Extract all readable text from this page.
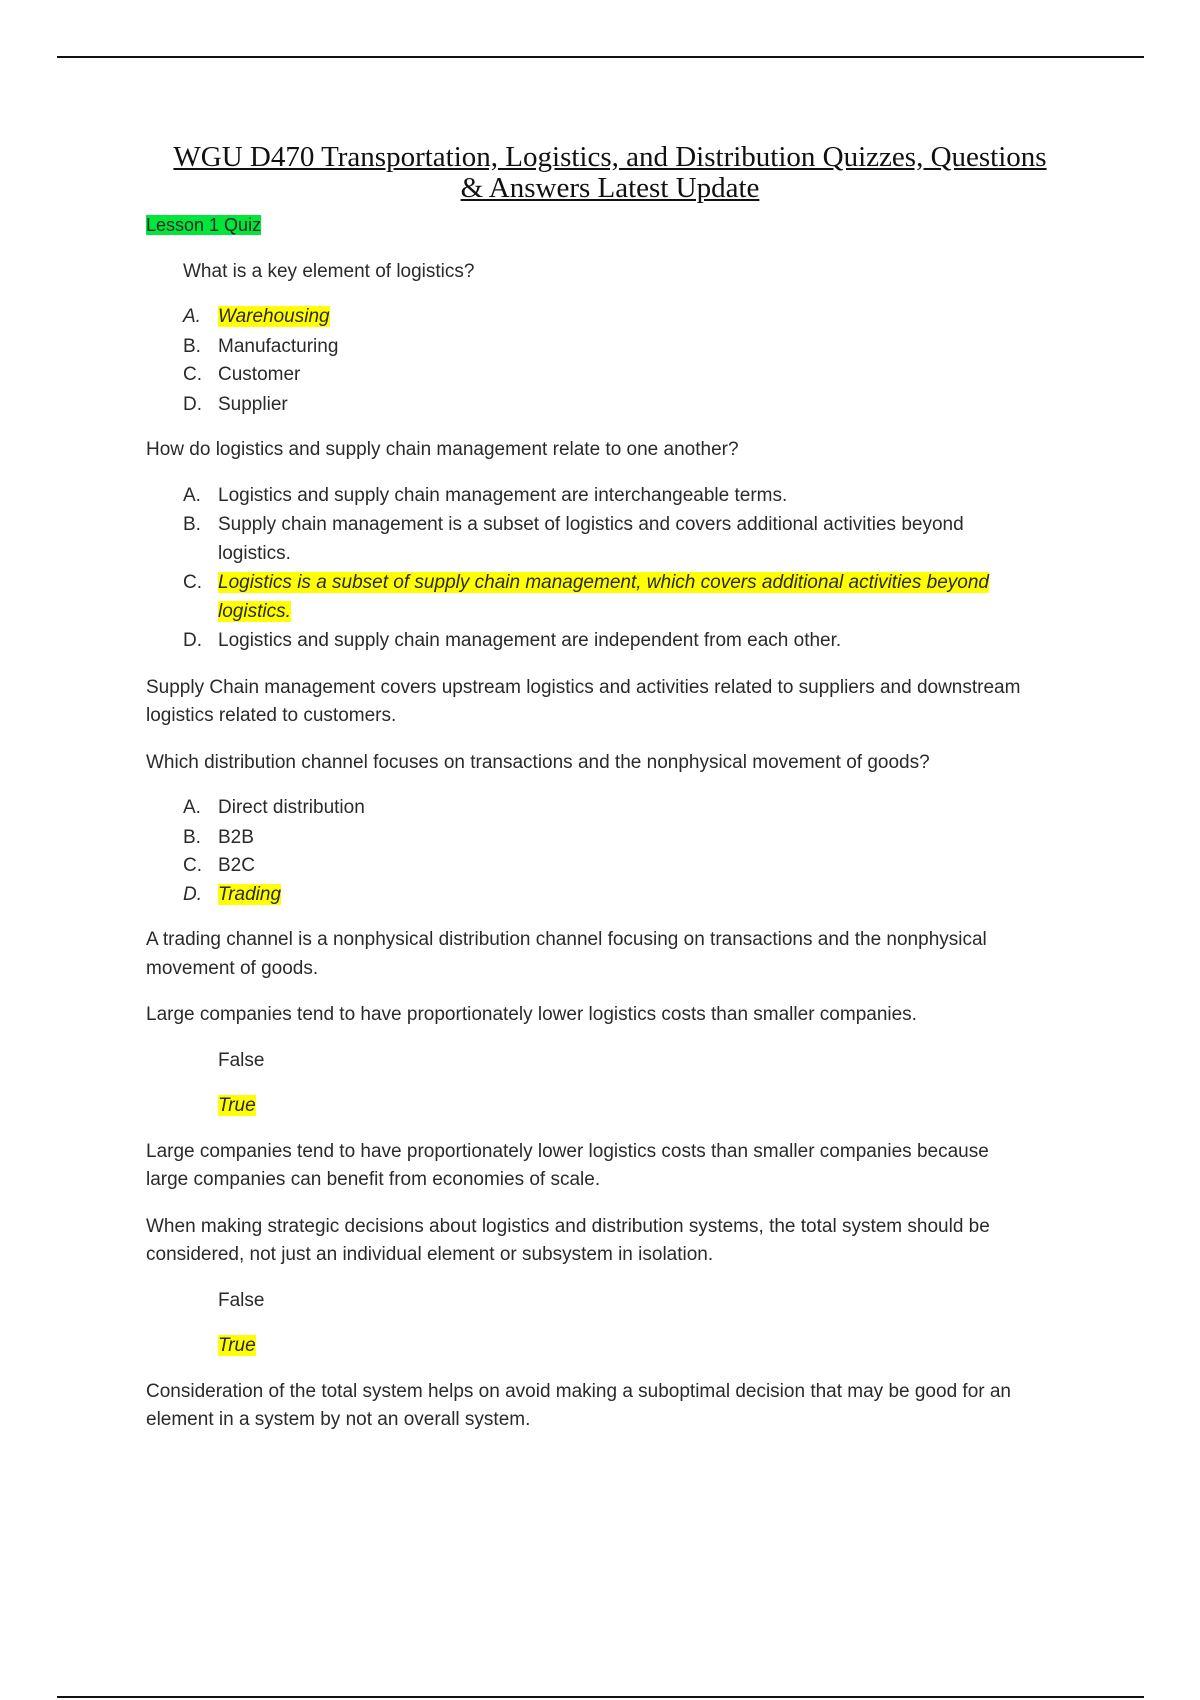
WGU D470 Transportation, Logistics, and Distribution Quizzes, Questions
& Answers Latest Update
Lesson 1 Quiz
What is a key element of logistics?
A. Warehousing
B. Manufacturing
C. Customer
D. Supplier
How do logistics and supply chain management relate to one another?
A. Logistics and supply chain management are interchangeable terms.
B. Supply chain management is a subset of logistics and covers additional activities beyond
logistics.
C. Logistics is a subset of supply chain management, which covers additional activities beyond
logistics.
D. Logistics and supply chain management are independent from each other.
Supply Chain management covers upstream logistics and activities related to suppliers and downstream
logistics related to customers.
Which distribution channel focuses on transactions and the nonphysical movement of goods?
A. Direct distribution
B. B2B
C. B2C
D. Trading
A trading channel is a nonphysical distribution channel focusing on transactions and the nonphysical
movement of goods.
Large companies tend to have proportionately lower logistics costs than smaller companies.
False
True
Large companies tend to have proportionately lower logistics costs than smaller companies because
large companies can benefit from economies of scale.
When making strategic decisions about logistics and distribution systems, the total system should be
considered, not just an individual element or subsystem in isolation.
False
True
Consideration of the total system helps on avoid making a suboptimal decision that may be good for an
element in a system by not an overall system.
